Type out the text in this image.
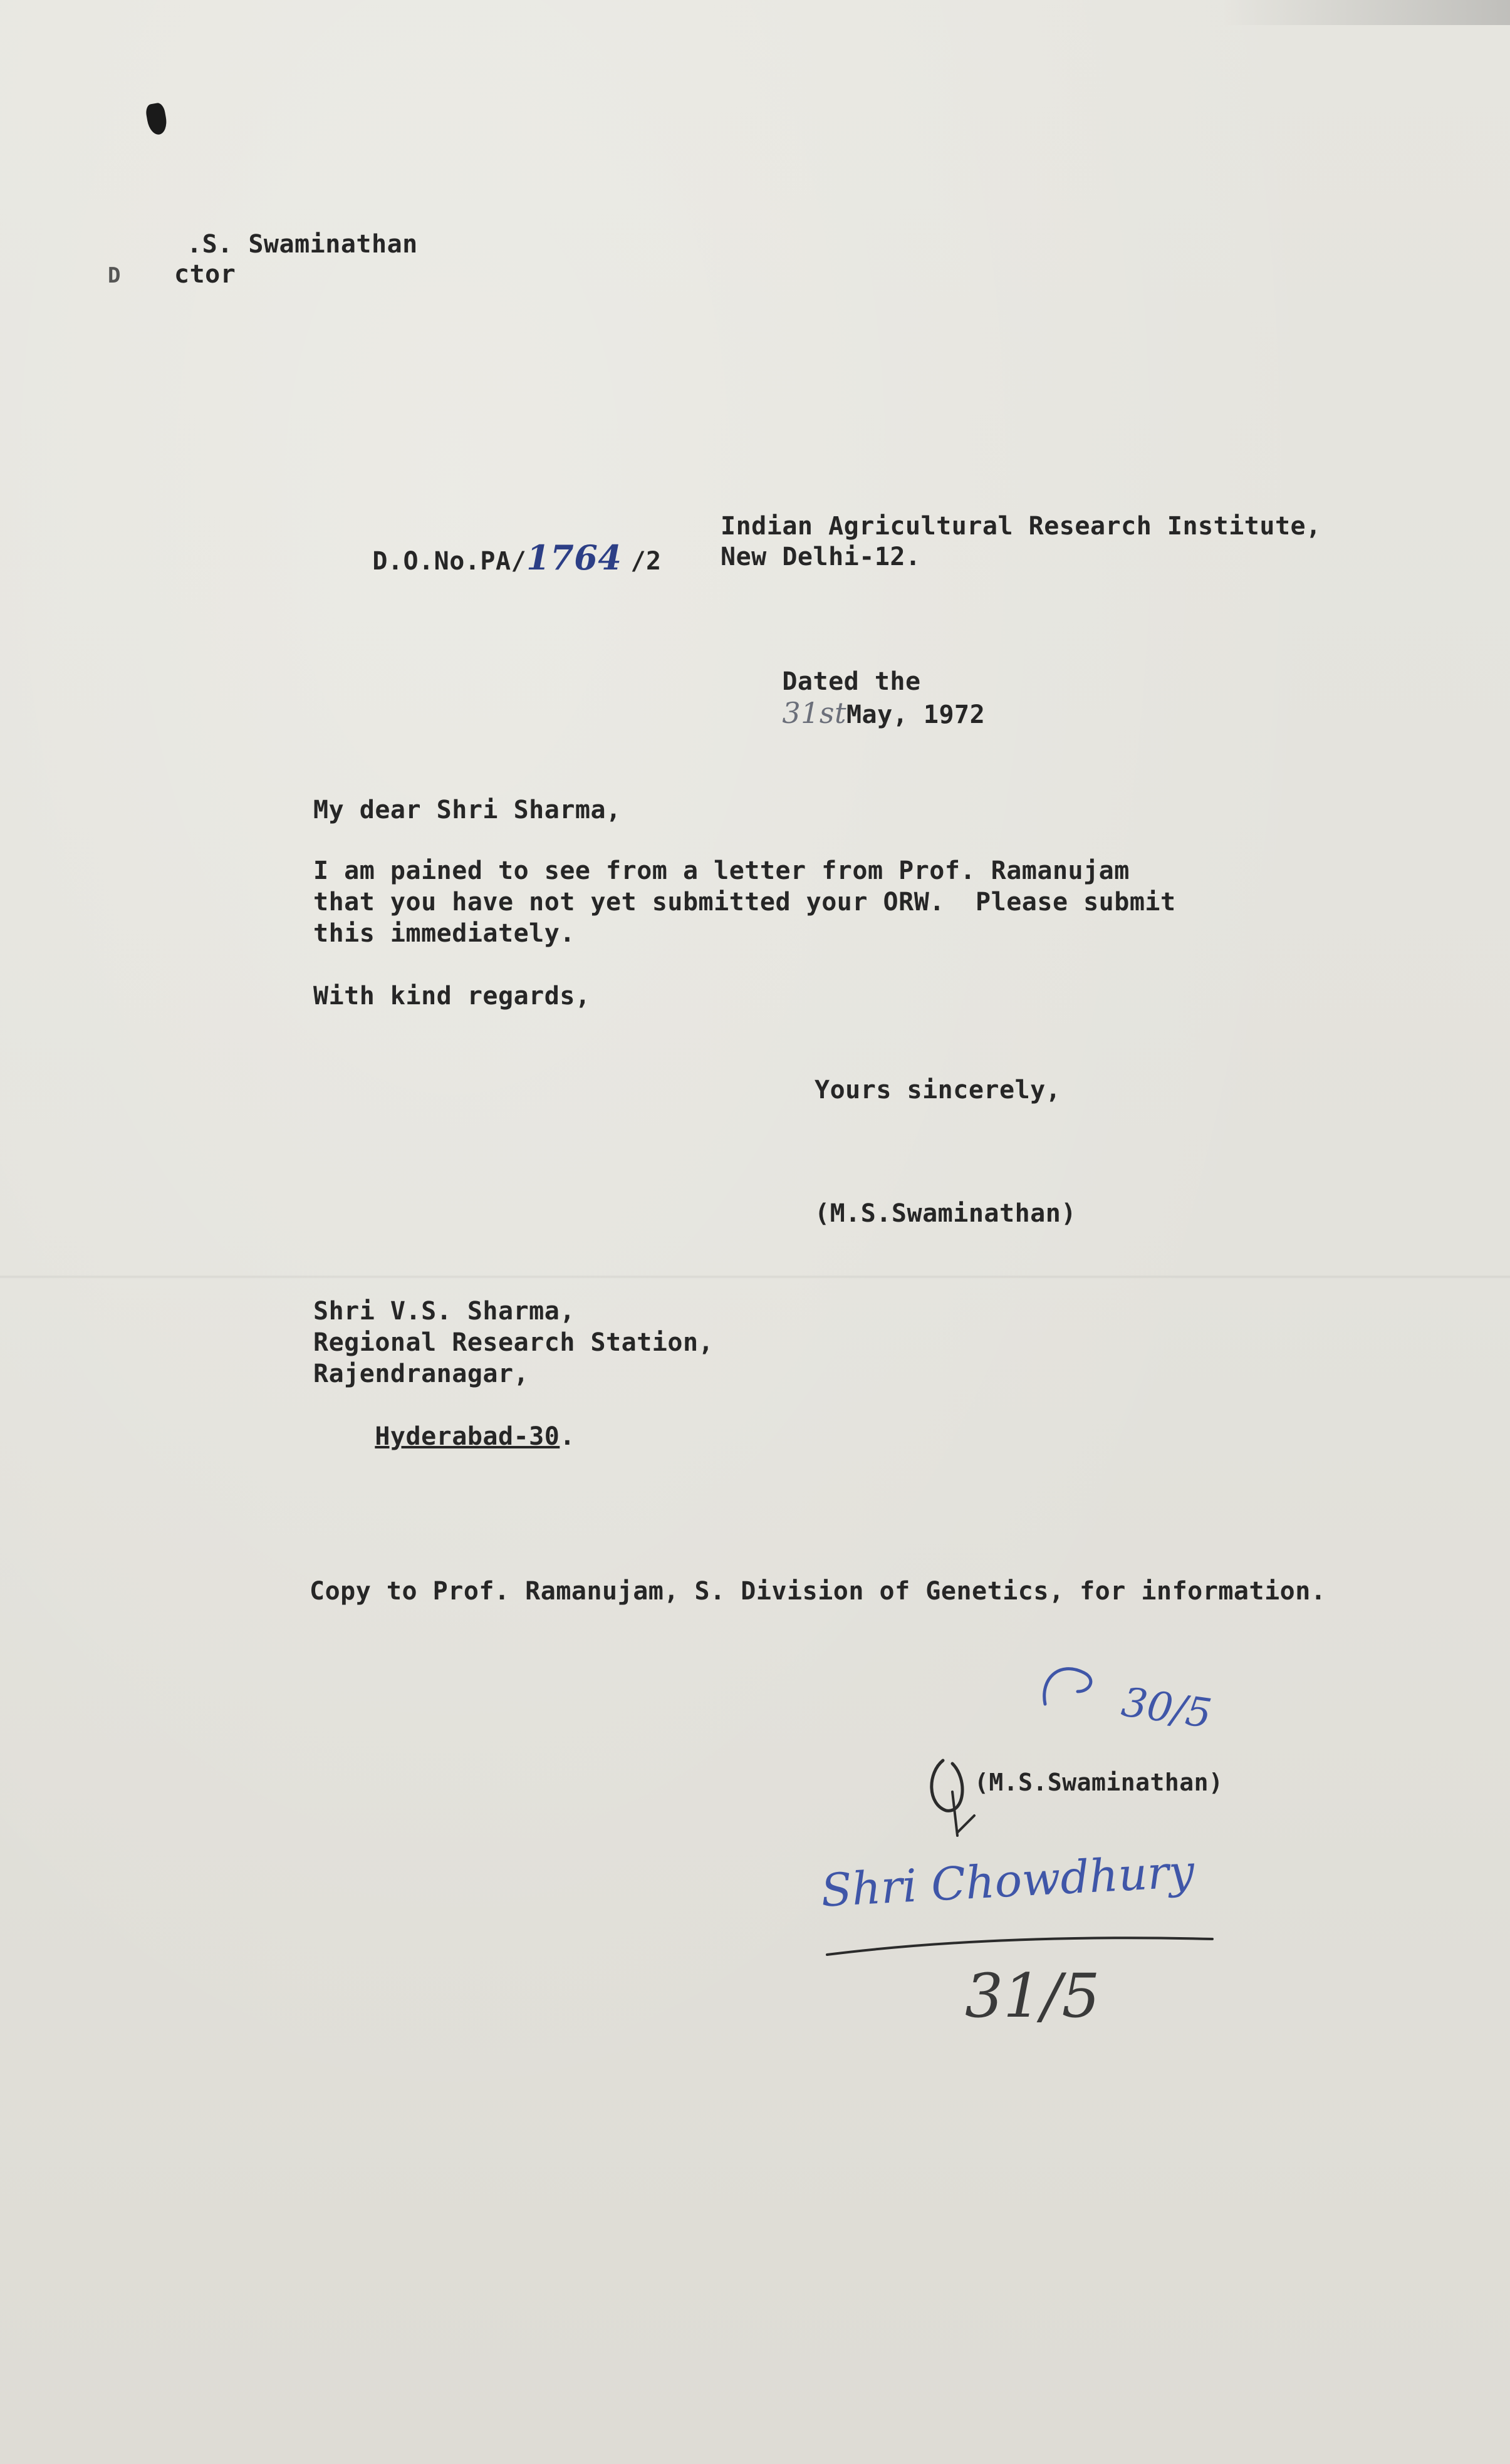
.S. Swaminathan
D ctor

D.O.No.PA/1764 /2

Indian Agricultural Research Institute,
New Delhi-12.

Dated the
31stMay, 1972

My dear Shri Sharma,
I am pained to see from a letter from Prof. Ramanujam
that you have not yet submitted your ORW.  Please submit
this immediately.
With kind regards,
Yours sincerely,
(M.S.Swaminathan)
Shri V.S. Sharma,
Regional Research Station,
Rajendranagar,

Hyderabad-30.

Copy to Prof. Ramanujam, S. Division of Genetics, for information.
(M.S.Swaminathan)
30/5
Shri Chowdhury
31/5
